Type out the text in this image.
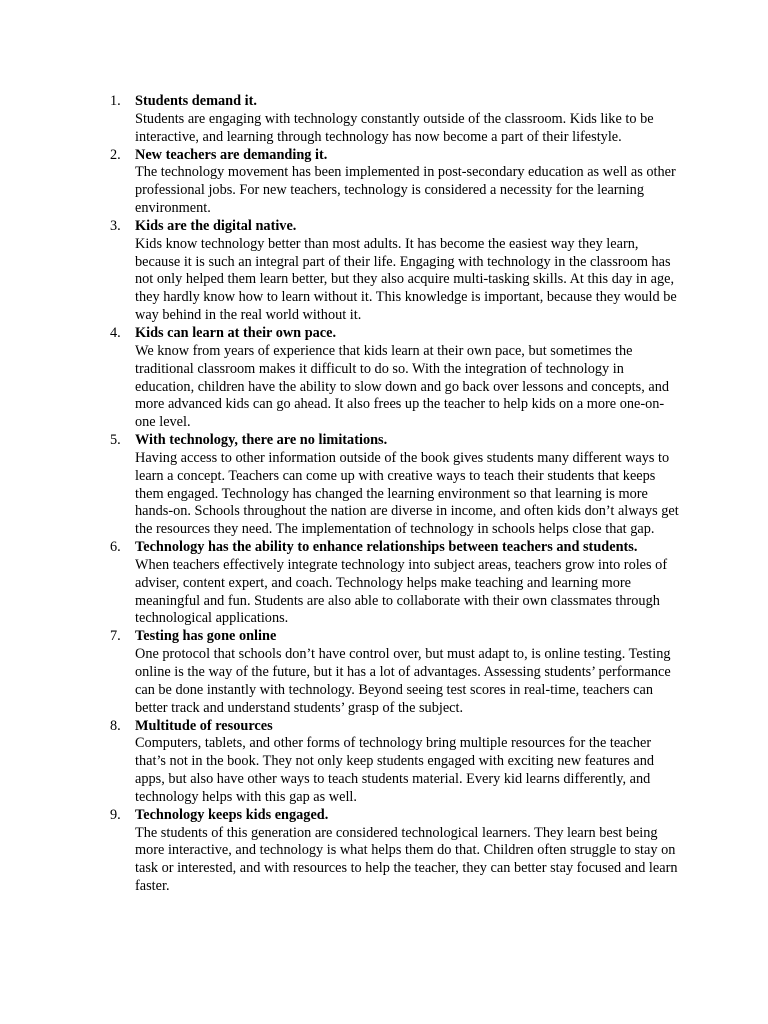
1. Students demand it.
Students are engaging with technology constantly outside of the classroom. Kids like to be interactive, and learning through technology has now become a part of their lifestyle.
2. New teachers are demanding it.
The technology movement has been implemented in post-secondary education as well as other professional jobs. For new teachers, technology is considered a necessity for the learning environment.
3. Kids are the digital native.
Kids know technology better than most adults. It has become the easiest way they learn, because it is such an integral part of their life. Engaging with technology in the classroom has not only helped them learn better, but they also acquire multi-tasking skills. At this day in age, they hardly know how to learn without it. This knowledge is important, because they would be way behind in the real world without it.
4. Kids can learn at their own pace.
We know from years of experience that kids learn at their own pace, but sometimes the traditional classroom makes it difficult to do so. With the integration of technology in education, children have the ability to slow down and go back over lessons and concepts, and more advanced kids can go ahead. It also frees up the teacher to help kids on a more one-on-one level.
5. With technology, there are no limitations.
Having access to other information outside of the book gives students many different ways to learn a concept. Teachers can come up with creative ways to teach their students that keeps them engaged. Technology has changed the learning environment so that learning is more hands-on. Schools throughout the nation are diverse in income, and often kids don’t always get the resources they need. The implementation of technology in schools helps close that gap.
6. Technology has the ability to enhance relationships between teachers and students.
When teachers effectively integrate technology into subject areas, teachers grow into roles of adviser, content expert, and coach. Technology helps make teaching and learning more meaningful and fun. Students are also able to collaborate with their own classmates through technological applications.
7. Testing has gone online
One protocol that schools don’t have control over, but must adapt to, is online testing. Testing online is the way of the future, but it has a lot of advantages. Assessing students’ performance can be done instantly with technology. Beyond seeing test scores in real-time, teachers can better track and understand students’ grasp of the subject.
8. Multitude of resources
Computers, tablets, and other forms of technology bring multiple resources for the teacher that’s not in the book. They not only keep students engaged with exciting new features and apps, but also have other ways to teach students material. Every kid learns differently, and technology helps with this gap as well.
9. Technology keeps kids engaged.
The students of this generation are considered technological learners. They learn best being more interactive, and technology is what helps them do that. Children often struggle to stay on task or interested, and with resources to help the teacher, they can better stay focused and learn faster.
